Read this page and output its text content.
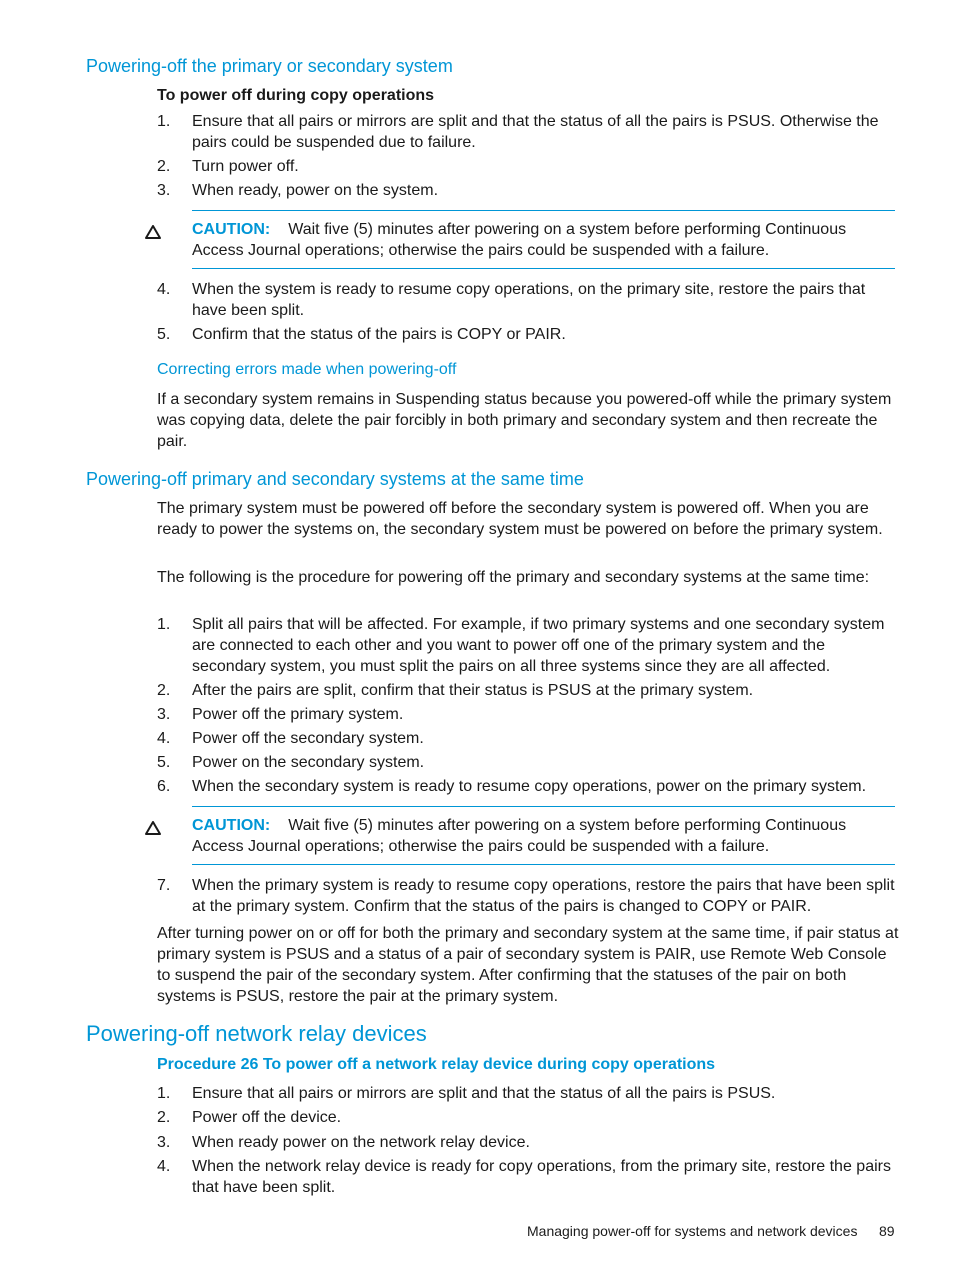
Powering-off the primary or secondary system
To power off during copy operations
1.	Ensure that all pairs or mirrors are split and that the status of all the pairs is PSUS. Otherwise the pairs could be suspended due to failure.
2.	Turn power off.
3.	When ready, power on the system.
CAUTION: Wait five (5) minutes after powering on a system before performing Continuous Access Journal operations; otherwise the pairs could be suspended with a failure.
4.	When the system is ready to resume copy operations, on the primary site, restore the pairs that have been split.
5.	Confirm that the status of the pairs is COPY or PAIR.
Correcting errors made when powering-off
If a secondary system remains in Suspending status because you powered-off while the primary system was copying data, delete the pair forcibly in both primary and secondary system and then recreate the pair.
Powering-off primary and secondary systems at the same time
The primary system must be powered off before the secondary system is powered off. When you are ready to power the systems on, the secondary system must be powered on before the primary system.
The following is the procedure for powering off the primary and secondary systems at the same time:
1.	Split all pairs that will be affected. For example, if two primary systems and one secondary system are connected to each other and you want to power off one of the primary system and the secondary system, you must split the pairs on all three systems since they are all affected.
2.	After the pairs are split, confirm that their status is PSUS at the primary system.
3.	Power off the primary system.
4.	Power off the secondary system.
5.	Power on the secondary system.
6.	When the secondary system is ready to resume copy operations, power on the primary system.
CAUTION: Wait five (5) minutes after powering on a system before performing Continuous Access Journal operations; otherwise the pairs could be suspended with a failure.
7.	When the primary system is ready to resume copy operations, restore the pairs that have been split at the primary system. Confirm that the status of the pairs is changed to COPY or PAIR.
After turning power on or off for both the primary and secondary system at the same time, if pair status at primary system is PSUS and a status of a pair of secondary system is PAIR, use Remote Web Console to suspend the pair of the secondary system. After confirming that the statuses of the pair on both systems is PSUS, restore the pair at the primary system.
Powering-off network relay devices
Procedure 26 To power off a network relay device during copy operations
1.	Ensure that all pairs or mirrors are split and that the status of all the pairs is PSUS.
2.	Power off the device.
3.	When ready power on the network relay device.
4.	When the network relay device is ready for copy operations, from the primary site, restore the pairs that have been split.
Managing power-off for systems and network devices 89
